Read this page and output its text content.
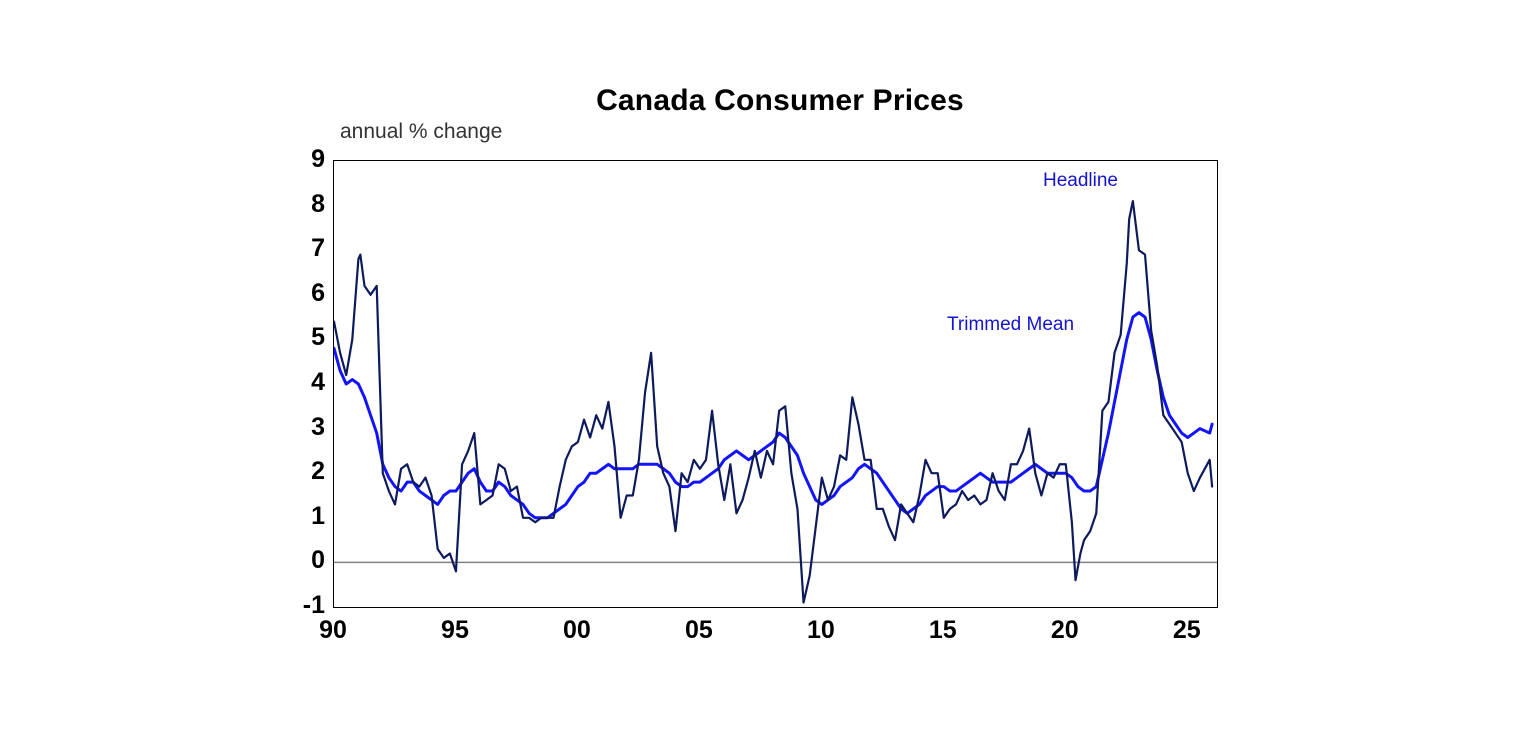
Canada Consumer Prices
annual % change
-1
0
1
2
3
4
5
6
7
8
9
90	95	00	05	10	15	20	25
Headline
Trimmed Mean
